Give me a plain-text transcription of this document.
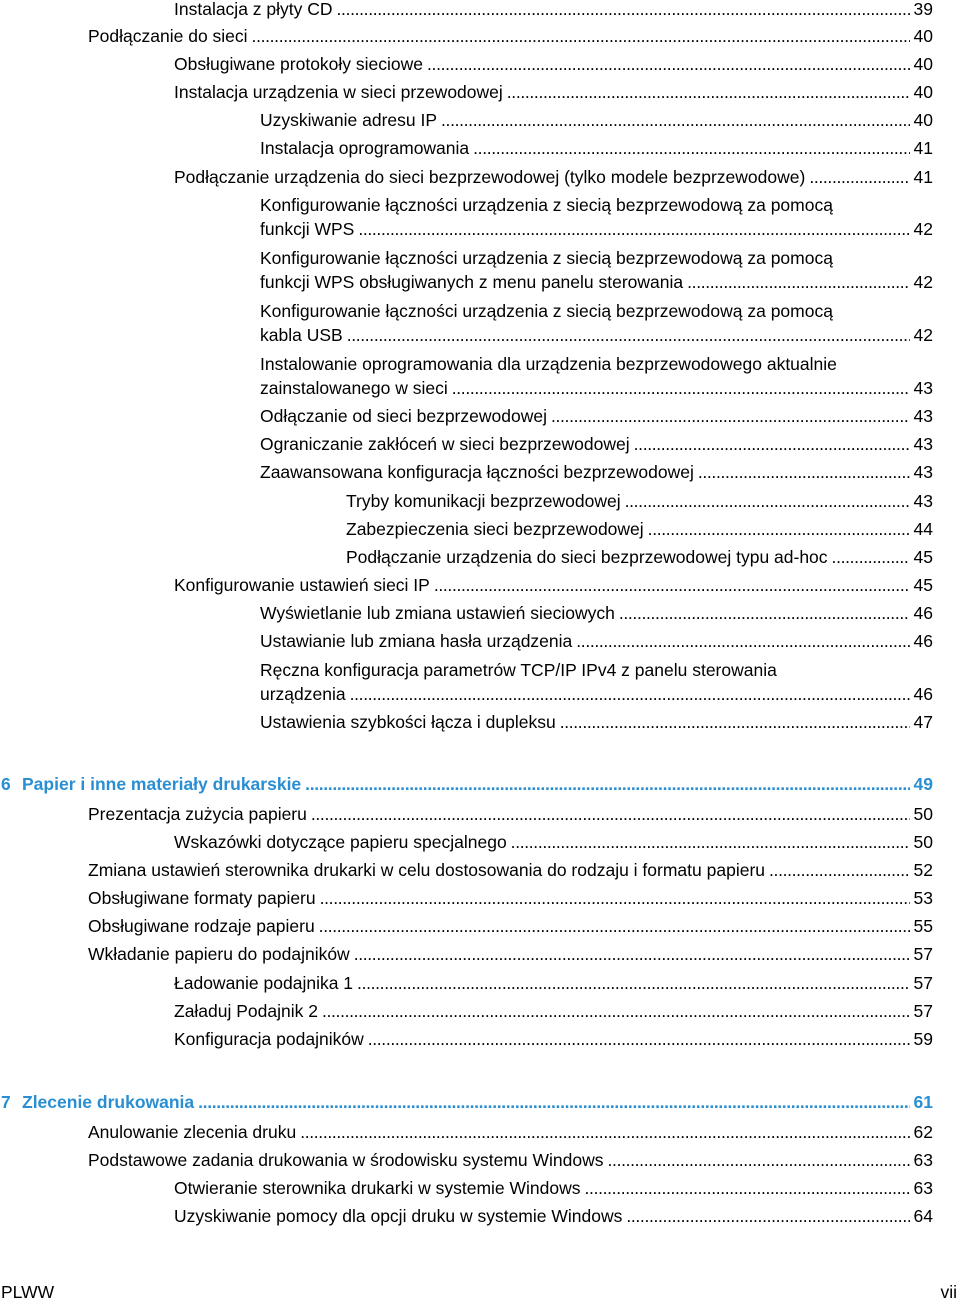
Instalacja z płyty CD . . .	39
Podłączanie do sieci . . .	40
Obsługiwane protokoły sieciowe . . .	40
Instalacja urządzenia w sieci przewodowej . . .	40
Uzyskiwanie adresu IP . . .	40
Instalacja oprogramowania . . .	41
Podłączanie urządzenia do sieci bezprzewodowej (tylko modele bezprzewodowe) . . .	41
Konfigurowanie łączności urządzenia z siecią bezprzewodową za pomocą
funkcji WPS . . .	42
Konfigurowanie łączności urządzenia z siecią bezprzewodową za pomocą
funkcji WPS obsługiwanych z menu panelu sterowania . . .	42
Konfigurowanie łączności urządzenia z siecią bezprzewodową za pomocą
kabla USB . . .	42
Instalowanie oprogramowania dla urządzenia bezprzewodowego aktualnie
zainstalowanego w sieci . . .	43
Odłączanie od sieci bezprzewodowej . . .	43
Ograniczanie zakłóceń w sieci bezprzewodowej . . .	43
Zaawansowana konfiguracja łączności bezprzewodowej . . .	43
Tryby komunikacji bezprzewodowej . . .	43
Zabezpieczenia sieci bezprzewodowej . . .	44
Podłączanie urządzenia do sieci bezprzewodowej typu ad-hoc . . .	45
Konfigurowanie ustawień sieci IP . . .	45
Wyświetlanie lub zmiana ustawień sieciowych . . .	46
Ustawianie lub zmiana hasła urządzenia . . .	46
Ręczna konfiguracja parametrów TCP/IP IPv4 z panelu sterowania
urządzenia . . .	46
Ustawienia szybkości łącza i dupleksu . . .	47
6 Papier i inne materiały drukarskie . . .	49
Prezentacja zużycia papieru . . .	50
Wskazówki dotyczące papieru specjalnego . . .	50
Zmiana ustawień sterownika drukarki w celu dostosowania do rodzaju i formatu papieru . . .	52
Obsługiwane formaty papieru . . .	53
Obsługiwane rodzaje papieru . . .	55
Wkładanie papieru do podajników . . .	57
Ładowanie podajnika 1 . . .	57
Załaduj Podajnik 2 . . .	57
Konfiguracja podajników . . .	59
7 Zlecenie drukowania . . .	61
Anulowanie zlecenia druku . . .	62
Podstawowe zadania drukowania w środowisku systemu Windows . . .	63
Otwieranie sterownika drukarki w systemie Windows . . .	63
Uzyskiwanie pomocy dla opcji druku w systemie Windows . . .	64
PLWW	vii
